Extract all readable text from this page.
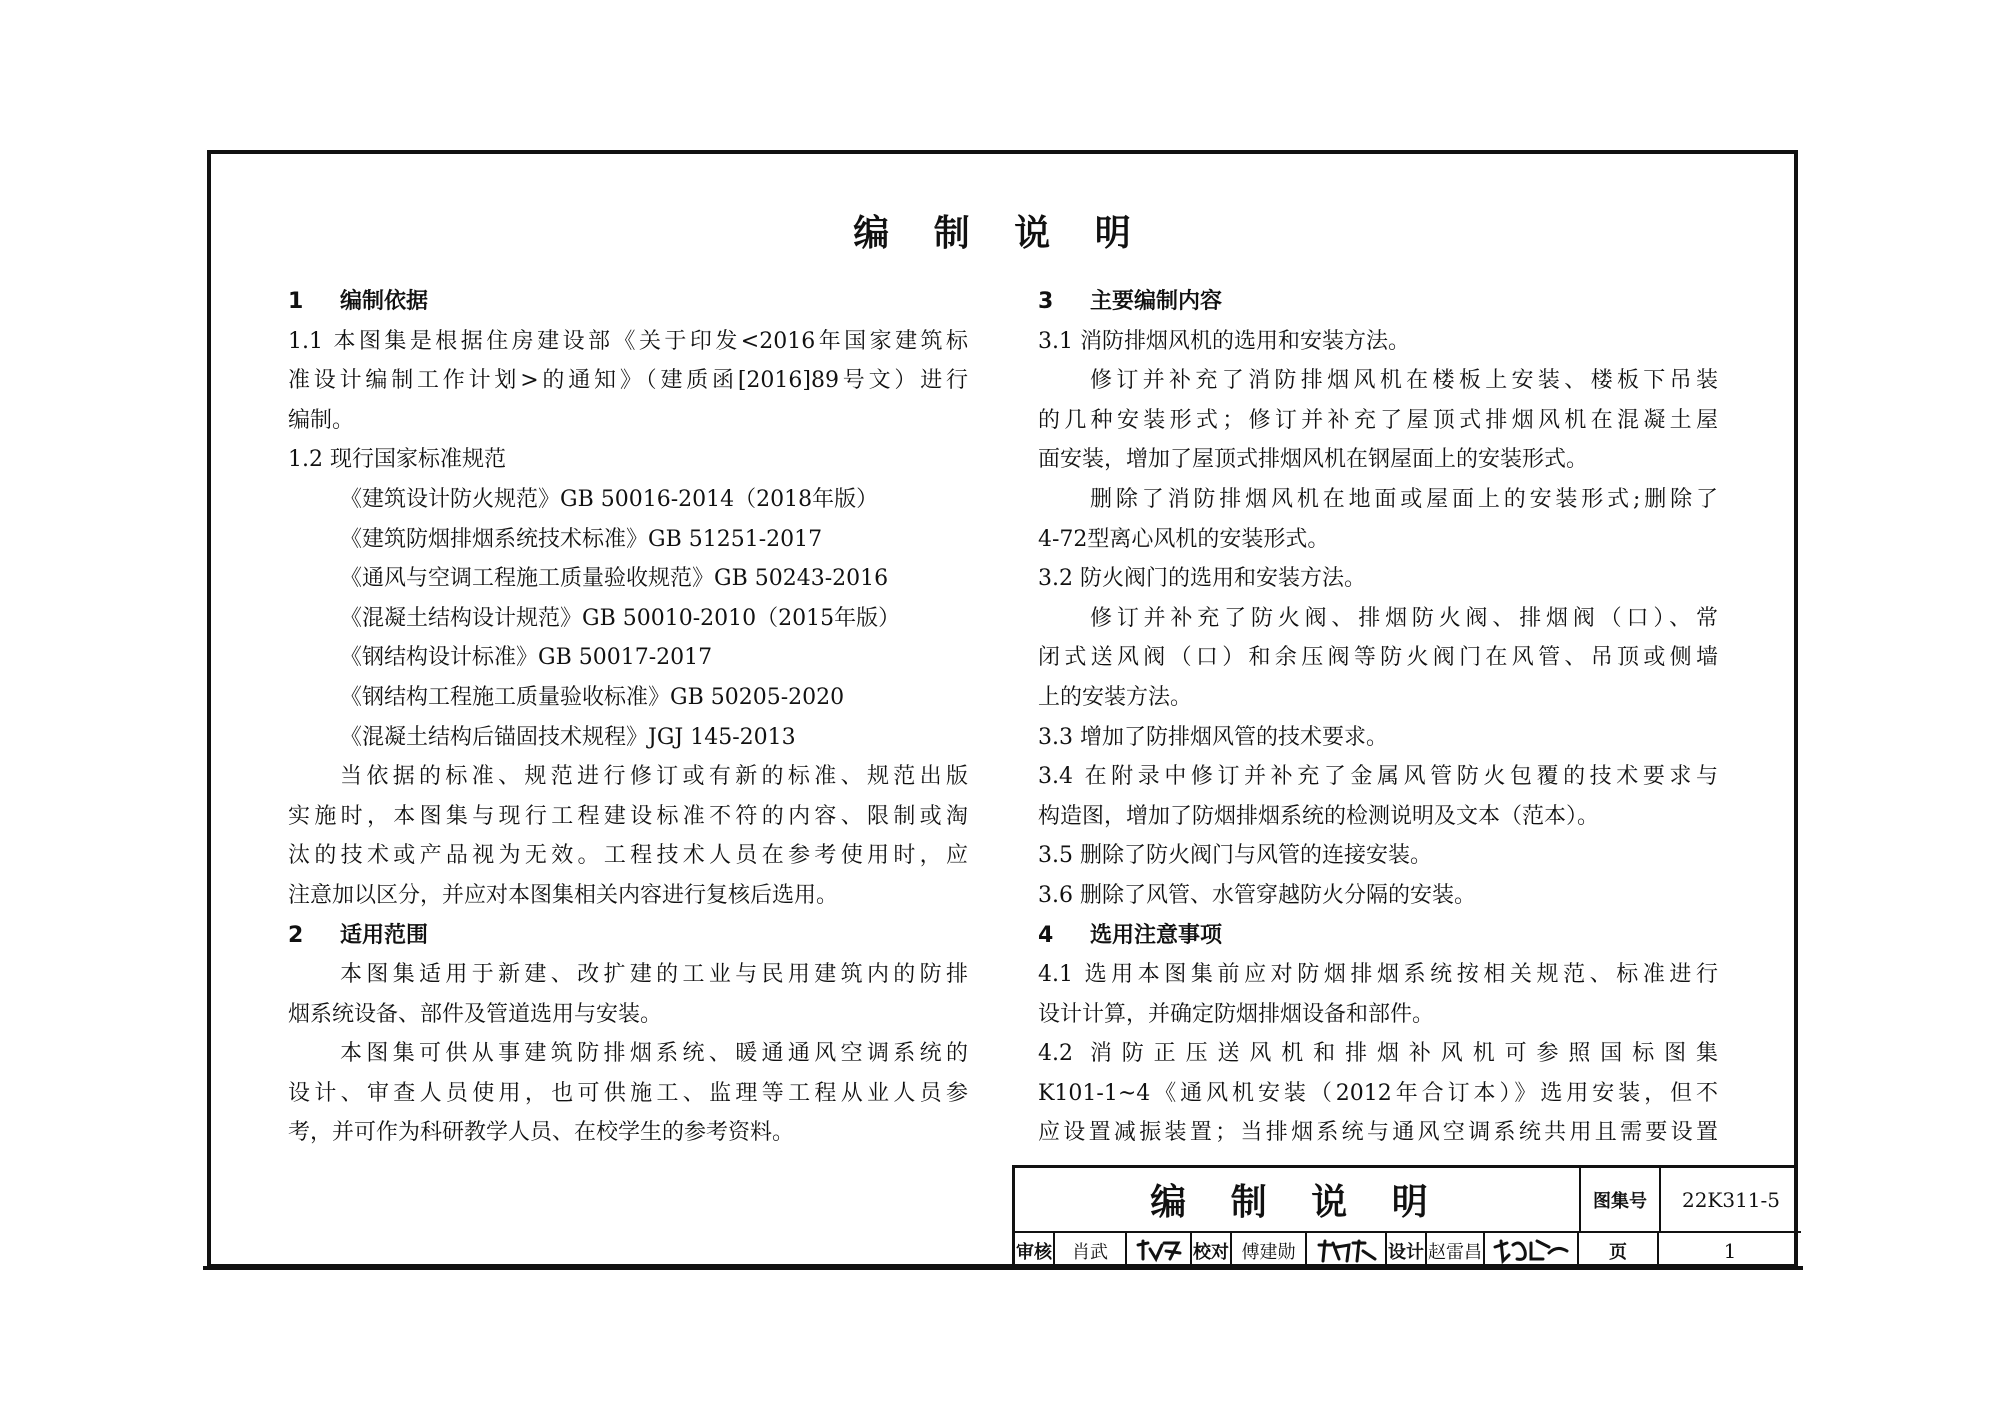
编 制 说 明
1 编制依据
1.1 本图集是根据住房建设部《关于印发<2016年国家建筑标
准设计编制工作计划>的通知》（建质函[2016]89号文）进行
编制。
1.2 现行国家标准规范
《建筑设计防火规范》GB 50016-2014（2018年版）
《建筑防烟排烟系统技术标准》GB 51251-2017
《通风与空调工程施工质量验收规范》GB 50243-2016
《混凝土结构设计规范》GB 50010-2010（2015年版）
《钢结构设计标准》GB 50017-2017
《钢结构工程施工质量验收标准》GB 50205-2020
《混凝土结构后锚固技术规程》JGJ 145-2013
当依据的标准、规范进行修订或有新的标准、规范出版
实施时，本图集与现行工程建设标准不符的内容、限制或淘
汰的技术或产品视为无效。工程技术人员在参考使用时，应
注意加以区分，并应对本图集相关内容进行复核后选用。
2 适用范围
本图集适用于新建、改扩建的工业与民用建筑内的防排
烟系统设备、部件及管道选用与安装。
本图集可供从事建筑防排烟系统、暖通通风空调系统的
设计、审查人员使用，也可供施工、监理等工程从业人员参
考，并可作为科研教学人员、在校学生的参考资料。
3 主要编制内容
3.1 消防排烟风机的选用和安装方法。
修订并补充了消防排烟风机在楼板上安装、楼板下吊装
的几种安装形式；修订并补充了屋顶式排烟风机在混凝土屋
面安装，增加了屋顶式排烟风机在钢屋面上的安装形式。
删除了消防排烟风机在地面或屋面上的安装形式;删除了
4-72型离心风机的安装形式。
3.2 防火阀门的选用和安装方法。
修订并补充了防火阀、排烟防火阀、排烟阀（口）、常
闭式送风阀（口）和余压阀等防火阀门在风管、吊顶或侧墙
上的安装方法。
3.3 增加了防排烟风管的技术要求。
3.4 在附录中修订并补充了金属风管防火包覆的技术要求与
构造图，增加了防烟排烟系统的检测说明及文本（范本）。
3.5 删除了防火阀门与风管的连接安装。
3.6 删除了风管、水管穿越防火分隔的安装。
4 选用注意事项
4.1 选用本图集前应对防烟排烟系统按相关规范、标准进行
设计计算，并确定防烟排烟设备和部件。
4.2 消防正压送风机和排烟补风机可参照国标图集
K101-1~4《通风机安装（2012年合订本）》选用安装，但不
应设置减振装置；当排烟系统与通风空调系统共用且需要设置
编 制 说 明	图集号	22K311-5
审核	肖武	校对 傅建勋	设计 赵雷昌	页	1
